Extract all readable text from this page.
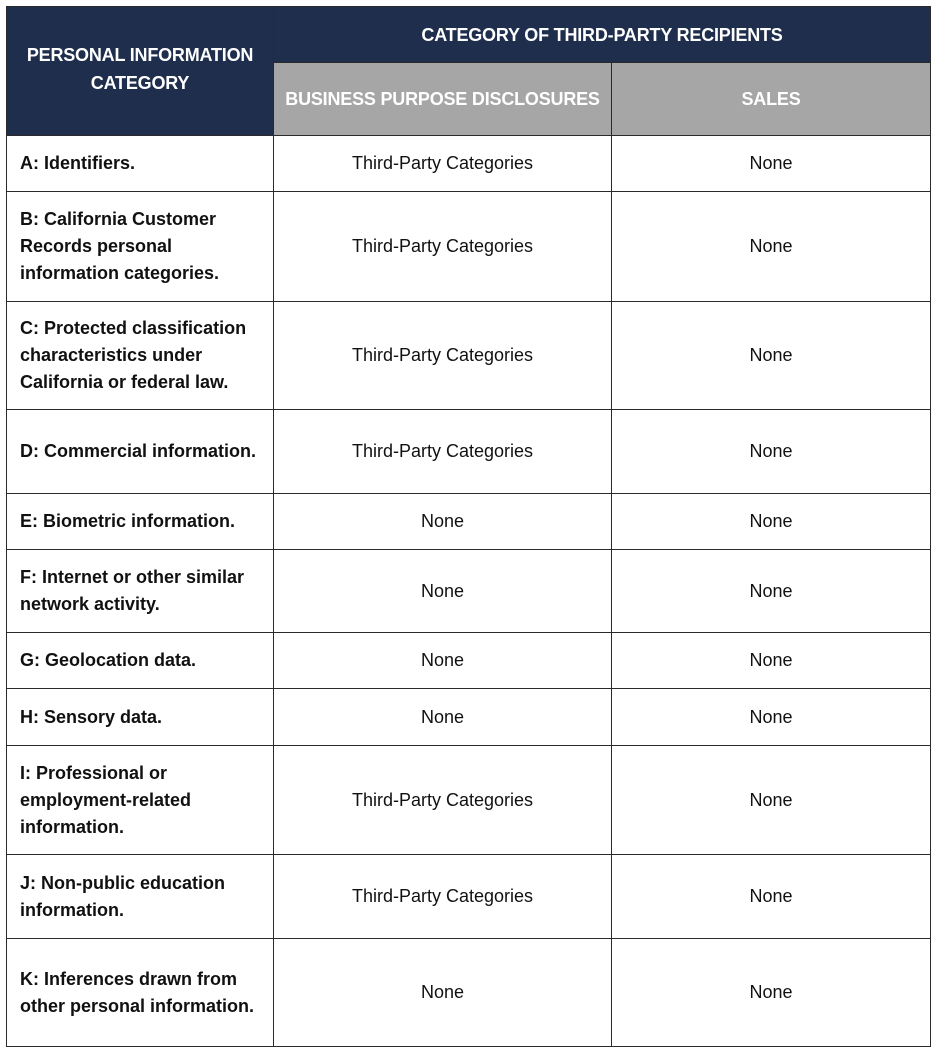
PERSONAL INFORMATION CATEGORY	CATEGORY OF THIRD-PARTY RECIPIENTS	
	BUSINESS PURPOSE DISCLOSURES	SALES
A: Identifiers.	Third-Party Categories	None
B: California Customer Records personal information categories.	Third-Party Categories	None
C: Protected classification characteristics under California or federal law.	Third-Party Categories	None
D: Commercial information.	Third-Party Categories	None
E: Biometric information.	None	None
F: Internet or other similar network activity.	None	None
G: Geolocation data.	None	None
H: Sensory data.	None	None
I: Professional or employment-related information.	Third-Party Categories	None
J: Non-public education information.	Third-Party Categories	None
K: Inferences drawn from other personal information.	None	None
